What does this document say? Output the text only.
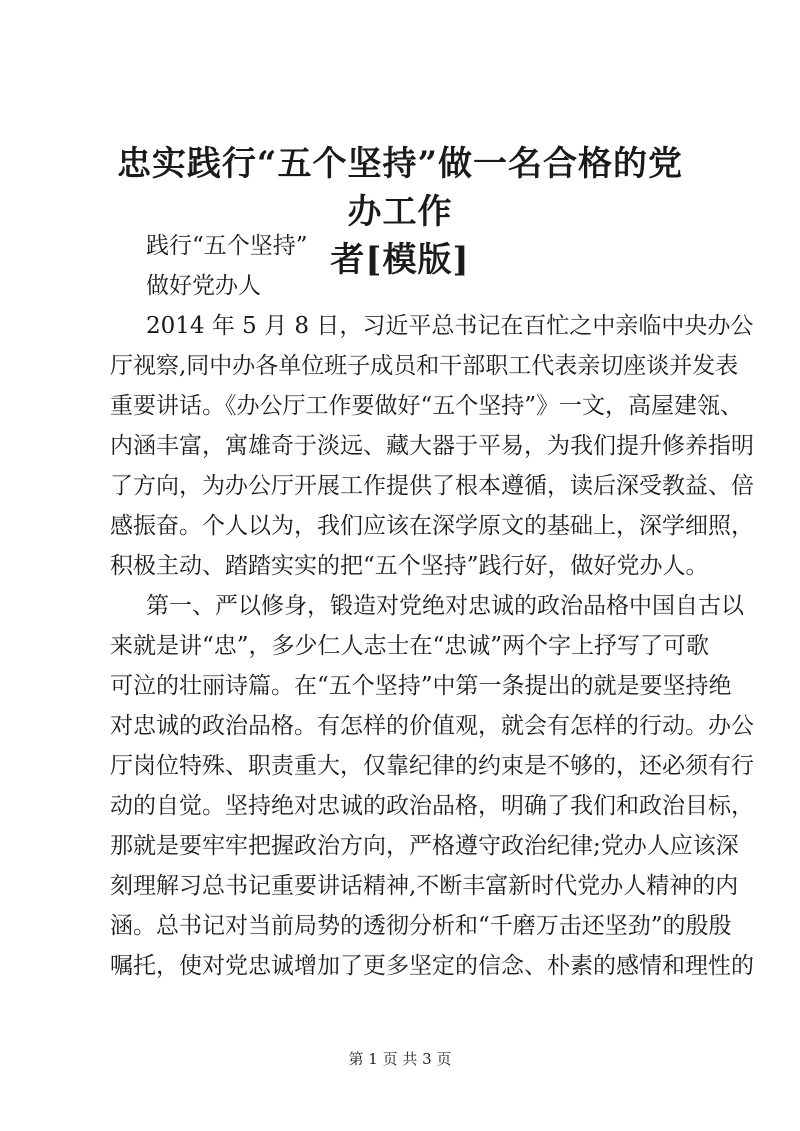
忠实践行“五个坚持”做一名合格的党办工作
者[模版]
践行“五个坚持”
做好党办人
2014 年 5 月 8 日，习近平总书记在百忙之中亲临中央办公
厅视察,同中办各单位班子成员和干部职工代表亲切座谈并发表
重要讲话。《办公厅工作要做好“五个坚持”》一文，高屋建瓴、
内涵丰富，寓雄奇于淡远、藏大器于平易，为我们提升修养指明
了方向，为办公厅开展工作提供了根本遵循，读后深受教益、倍
感振奋。个人以为，我们应该在深学原文的基础上，深学细照，
积极主动、踏踏实实的把“五个坚持”践行好，做好党办人。
第一、严以修身，锻造对党绝对忠诚的政治品格中国自古以
来就是讲“忠”，多少仁人志士在“忠诚”两个字上抒写了可歌
可泣的壮丽诗篇。在“五个坚持”中第一条提出的就是要坚持绝
对忠诚的政治品格。有怎样的价值观，就会有怎样的行动。办公
厅岗位特殊、职责重大，仅靠纪律的约束是不够的，还必须有行
动的自觉。坚持绝对忠诚的政治品格，明确了我们和政治目标，
那就是要牢牢把握政治方向，严格遵守政治纪律;党办人应该深
刻理解习总书记重要讲话精神,不断丰富新时代党办人精神的内
涵。总书记对当前局势的透彻分析和“千磨万击还坚劲”的殷殷
嘱托，使对党忠诚增加了更多坚定的信念、朴素的感情和理性的
第 1 页 共 3 页
